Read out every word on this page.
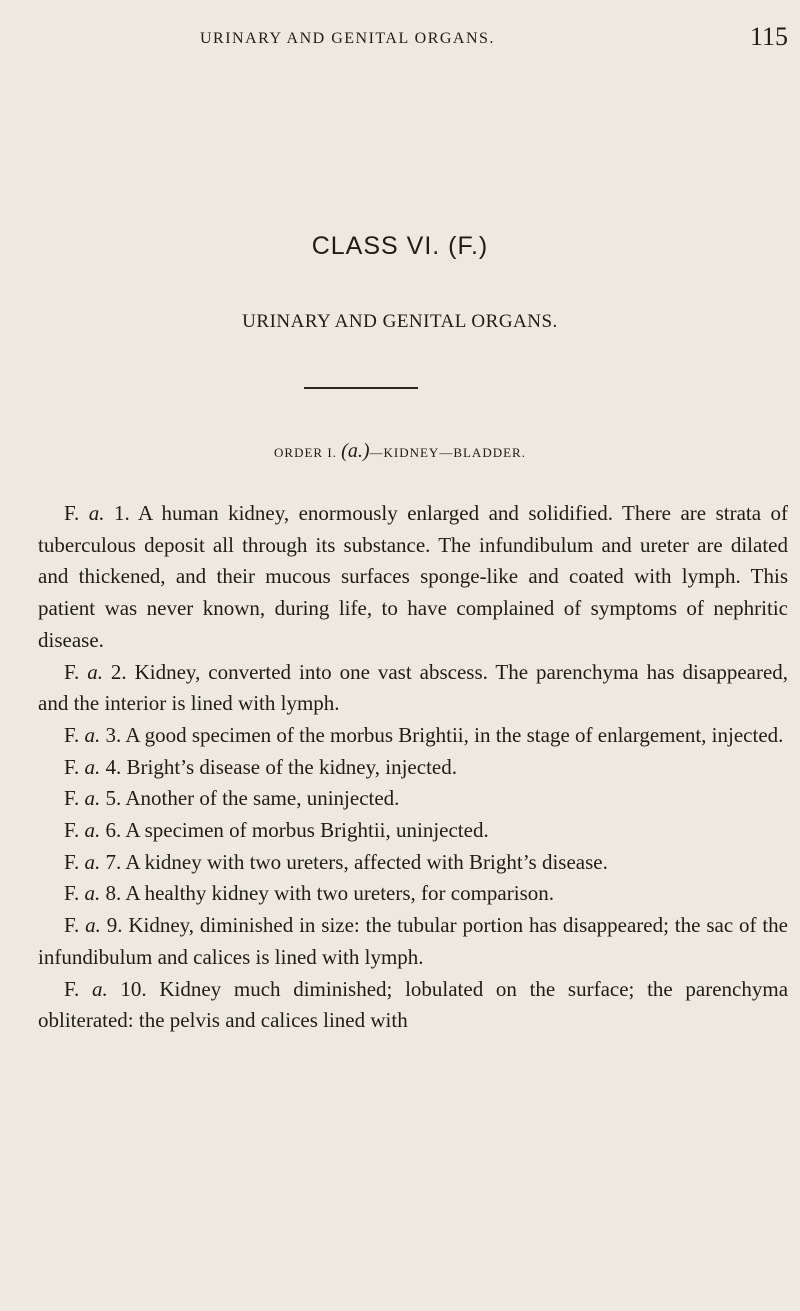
URINARY AND GENITAL ORGANS.	115
CLASS VI. (F.)
URINARY AND GENITAL ORGANS.
ORDER I. (a.)—KIDNEY—BLADDER.

F. a. 1. A human kidney, enormously enlarged and solidified. There are strata of tuberculous deposit all through its substance. The infundibulum and ureter are dilated and thickened, and their mucous surfaces sponge-like and coated with lymph. This patient was never known, during life, to have complained of symptoms of nephritic disease.

F. a. 2. Kidney, converted into one vast abscess. The parenchyma has disappeared, and the interior is lined with lymph.

F. a. 3. A good specimen of the morbus Brightii, in the stage of enlargement, injected.

F. a. 4. Bright’s disease of the kidney, injected.

F. a. 5. Another of the same, uninjected.

F. a. 6. A specimen of morbus Brightii, uninjected.

F. a. 7. A kidney with two ureters, affected with Bright’s disease.

F. a. 8. A healthy kidney with two ureters, for comparison.

F. a. 9. Kidney, diminished in size: the tubular portion has disappeared; the sac of the infundibulum and calices is lined with lymph.

F. a. 10. Kidney much diminished; lobulated on the surface; the parenchyma obliterated: the pelvis and calices lined with
